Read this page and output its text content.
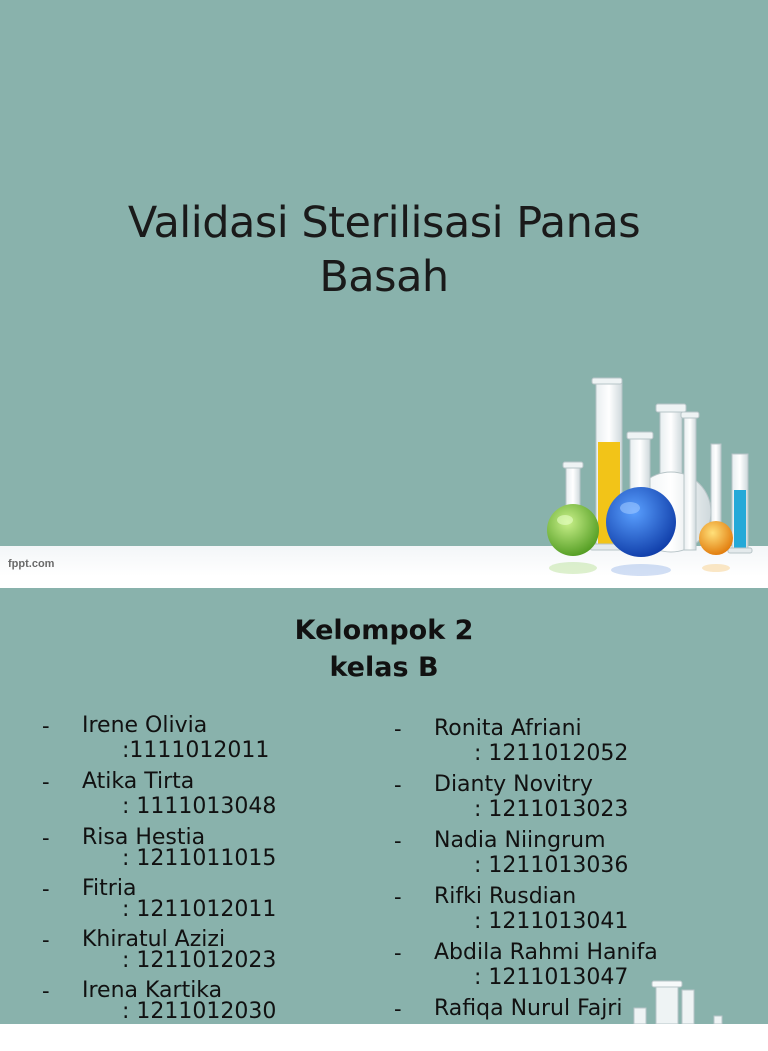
Validasi Sterilisasi Panas
Basah
fppt.com
Kelompok 2
kelas B
- Irene Olivia
:1111012011
- Atika Tirta
: 1111013048
- Risa Hestia
: 1211011015
- Fitria
: 1211012011
- Khiratul Azizi
: 1211012023
- Irena Kartika
: 1211012030
- Ronita Afriani
: 1211012052
- Dianty Novitry
: 1211013023
- Nadia Niingrum
: 1211013036
- Rifki Rusdian
: 1211013041
- Abdila Rahmi Hanifa
: 1211013047
- Rafiqa Nurul Fajri
